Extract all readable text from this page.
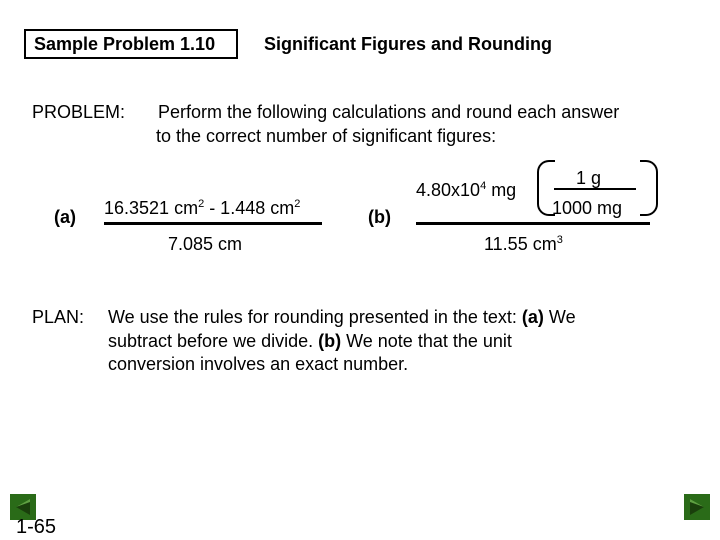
Sample Problem 1.10	Significant Figures and Rounding
PROBLEM: Perform the following calculations and round each answer
to the correct number of significant figures:
(a) 16.3521 $cm^2 - 1.448$ $cm^2$
7.085 cm
(b)
$4.80x10^4$ mg
1 g
1000 mg
11.55 $cm^3$
PLAN: We use the rules for rounding presented in the text: (a) We
subtract before we divide. (b) We note that the unit
conversion involves an exact number.
1-65
